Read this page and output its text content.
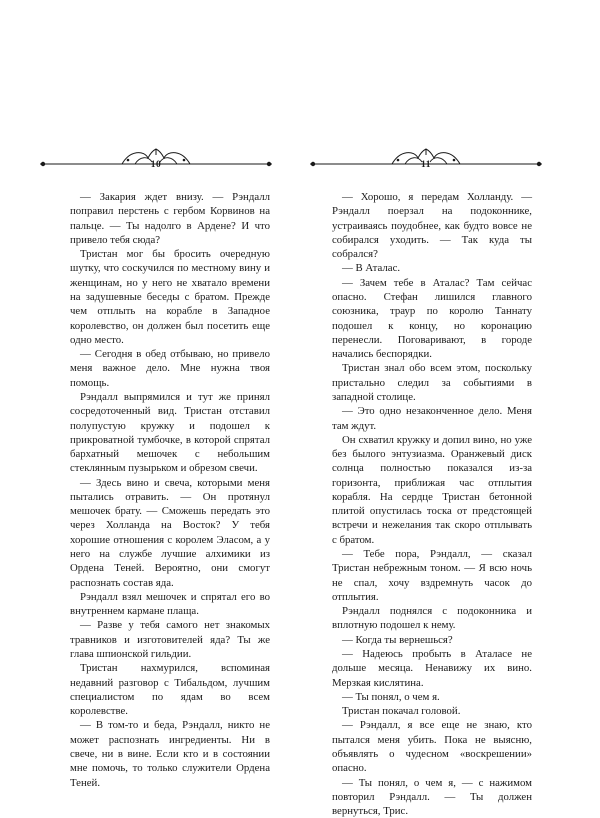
10

— Закария ждет внизу. — Рэндалл поправил перстень с гербом Корвинов на пальце. — Ты надолго в Ардене? И что привело тебя сюда?

Тристан мог бы бросить очередную шутку, что соскучился по местному вину и женщинам, но у него не хватало времени на задушевные беседы с братом. Прежде чем отплыть на корабле в Западное королевство, он должен был посетить еще одно место.

— Сегодня в обед отбываю, но привело меня важное дело. Мне нужна твоя помощь.

Рэндалл выпрямился и тут же принял сосредоточенный вид. Тристан отставил полупустую кружку и подошел к прикроватной тумбочке, в которой спрятал бархатный мешочек с небольшим стеклянным пузырьком и обрезом свечи.

— Здесь вино и свеча, которыми меня пытались отравить. — Он протянул мешочек брату. — Сможешь передать это через Холланда на Восток? У тебя хорошие отношения с королем Эласом, а у него на службе лучшие алхимики из Ордена Теней. Вероятно, они смогут распознать состав яда.

Рэндалл взял мешочек и спрятал его во внутреннем кармане плаща.

— Разве у тебя самого нет знакомых травников и изготовителей яда? Ты же глава шпионской гильдии.

Тристан нахмурился, вспоминая недавний разговор с Тибальдом, лучшим специалистом по ядам во всем королевстве.

— В том-то и беда, Рэндалл, никто не может распознать ингредиенты. Ни в свече, ни в вине. Если кто и в состоянии мне помочь, то только служители Ордена Теней.

11

— Хорошо, я передам Холланду. — Рэндалл поерзал на подоконнике, устраиваясь поудобнее, как будто вовсе не собирался уходить. — Так куда ты собрался?

— В Аталас.

— Зачем тебе в Аталас? Там сейчас опасно. Стефан лишился главного союзника, траур по королю Таннату подошел к концу, но коронацию перенесли. Поговаривают, в городе начались беспорядки.

Тристан знал обо всем этом, поскольку пристально следил за событиями в западной столице.

— Это одно незаконченное дело. Меня там ждут.

Он схватил кружку и допил вино, но уже без былого энтузиазма. Оранжевый диск солнца полностью показался из-за горизонта, приближая час отплытия корабля. На сердце Тристан бетонной плитой опустилась тоска от предстоящей встречи и нежелания так скоро отплывать с братом.

— Тебе пора, Рэндалл, — сказал Тристан небрежным тоном. — Я всю ночь не спал, хочу вздремнуть часок до отплытия.

Рэндалл поднялся с подоконника и вплотную подошел к нему.

— Когда ты вернешься?

— Надеюсь пробыть в Аталасе не дольше месяца. Ненавижу их вино. Мерзкая кислятина.

— Ты понял, о чем я.

Тристан покачал головой.

— Рэндалл, я все еще не знаю, кто пытался меня убить. Пока не выясню, объявлять о чудесном «воскрешении» опасно.

— Ты понял, о чем я, — с нажимом повторил Рэндалл. — Ты должен вернуться, Трис.
